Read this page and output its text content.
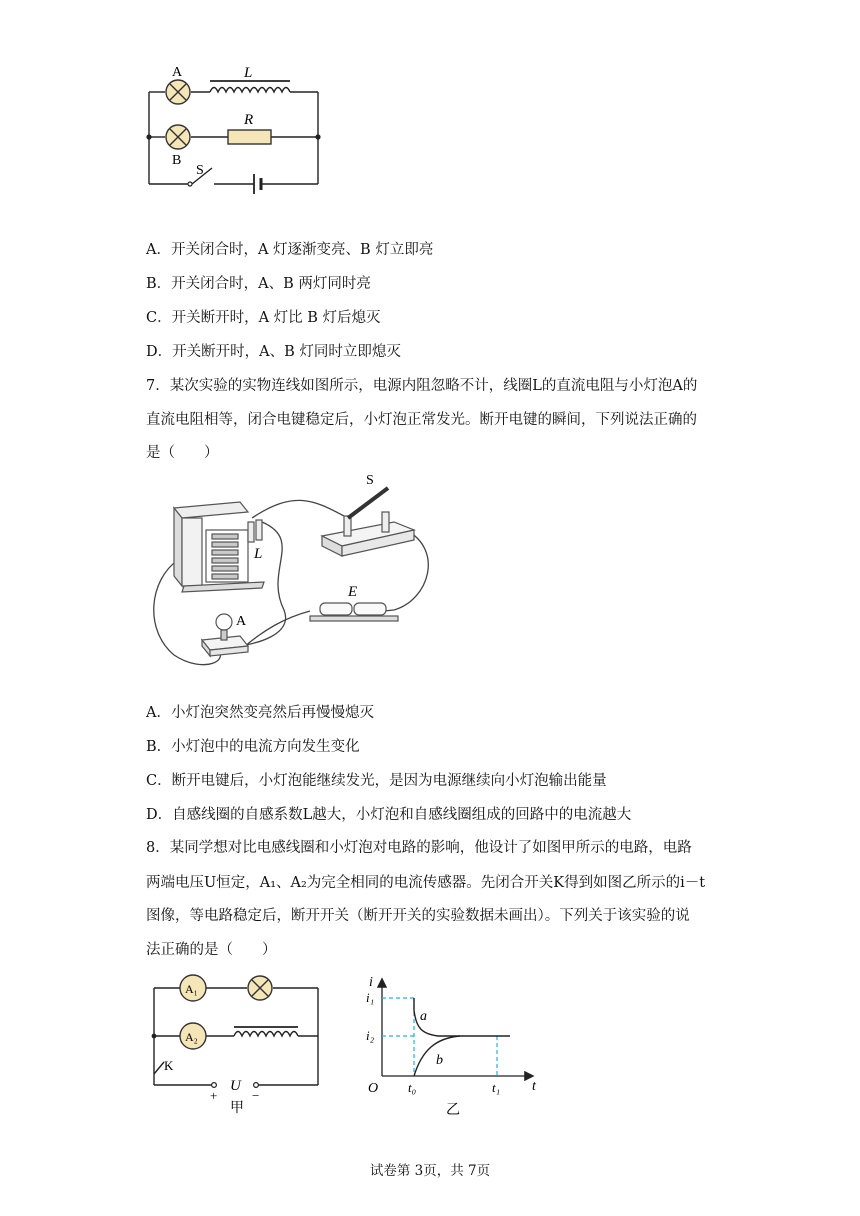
A	L
R
B
S
A．开关闭合时，A 灯逐渐变亮、B 灯立即亮
B．开关闭合时，A、B 两灯同时亮
C．开关断开时，A 灯比 B 灯后熄灭
D．开关断开时，A、B 灯同时立即熄灭
7．某次实验的实物连线如图所示，电源内阻忽略不计，线圈L的直流电阻与小灯泡A的
直流电阻相等，闭合电键稳定后，小灯泡正常发光。断开电键的瞬间，下列说法正确的
是（　　）
S
L
E
A
A．小灯泡突然变亮然后再慢慢熄灭
B．小灯泡中的电流方向发生变化
C．断开电键后，小灯泡能继续发光，是因为电源继续向小灯泡输出能量
D．自感线圈的自感系数L越大，小灯泡和自感线圈组成的回路中的电流越大
8．某同学想对比电感线圈和小灯泡对电路的影响，他设计了如图甲所示的电路，电路
两端电压U恒定，A₁、A₂为完全相同的电流传感器。先闭合开关K得到如图乙所示的i－t
图像，等电路稳定后，断开开关（断开开关的实验数据未画出）。下列关于该实验的说
法正确的是（　　）
A₁
A₂
K
U
+	−
甲
i
t
O
i₁
i₂
t₀	t₁
a
b
乙
试卷第 3页，共 7页
